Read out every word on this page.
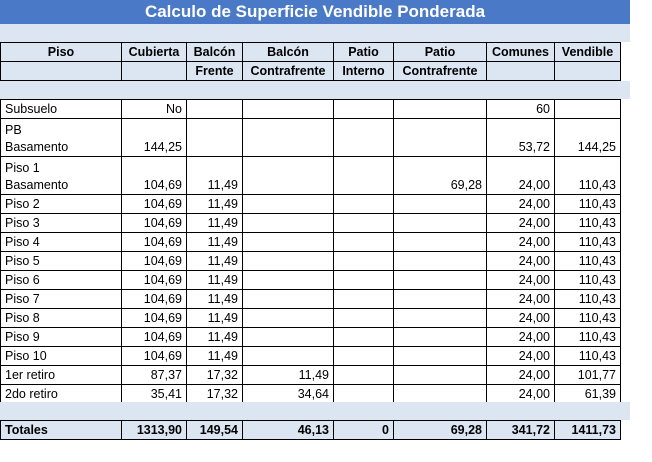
Calculo de Superficie Vendible Ponderada
Piso	Cubierta	Balcón	Balcón	Patio	Patio	Comunes	Vendible
		Frente	Contrafrente	Interno	Contrafrente		
Subsuelo	No					60	
PB
Basamento	144,25					53,72	144,25
Piso 1
Basamento	104,69	11,49			69,28	24,00	110,43
Piso 2	104,69	11,49				24,00	110,43
Piso 3	104,69	11,49				24,00	110,43
Piso 4	104,69	11,49				24,00	110,43
Piso 5	104,69	11,49				24,00	110,43
Piso 6	104,69	11,49				24,00	110,43
Piso 7	104,69	11,49				24,00	110,43
Piso 8	104,69	11,49				24,00	110,43
Piso 9	104,69	11,49				24,00	110,43
Piso 10	104,69	11,49				24,00	110,43
1er retiro	87,37	17,32	11,49			24,00	101,77
2do retiro	35,41	17,32	34,64			24,00	61,39
Totales	1313,90	149,54	46,13	0	69,28	341,72	1411,73
